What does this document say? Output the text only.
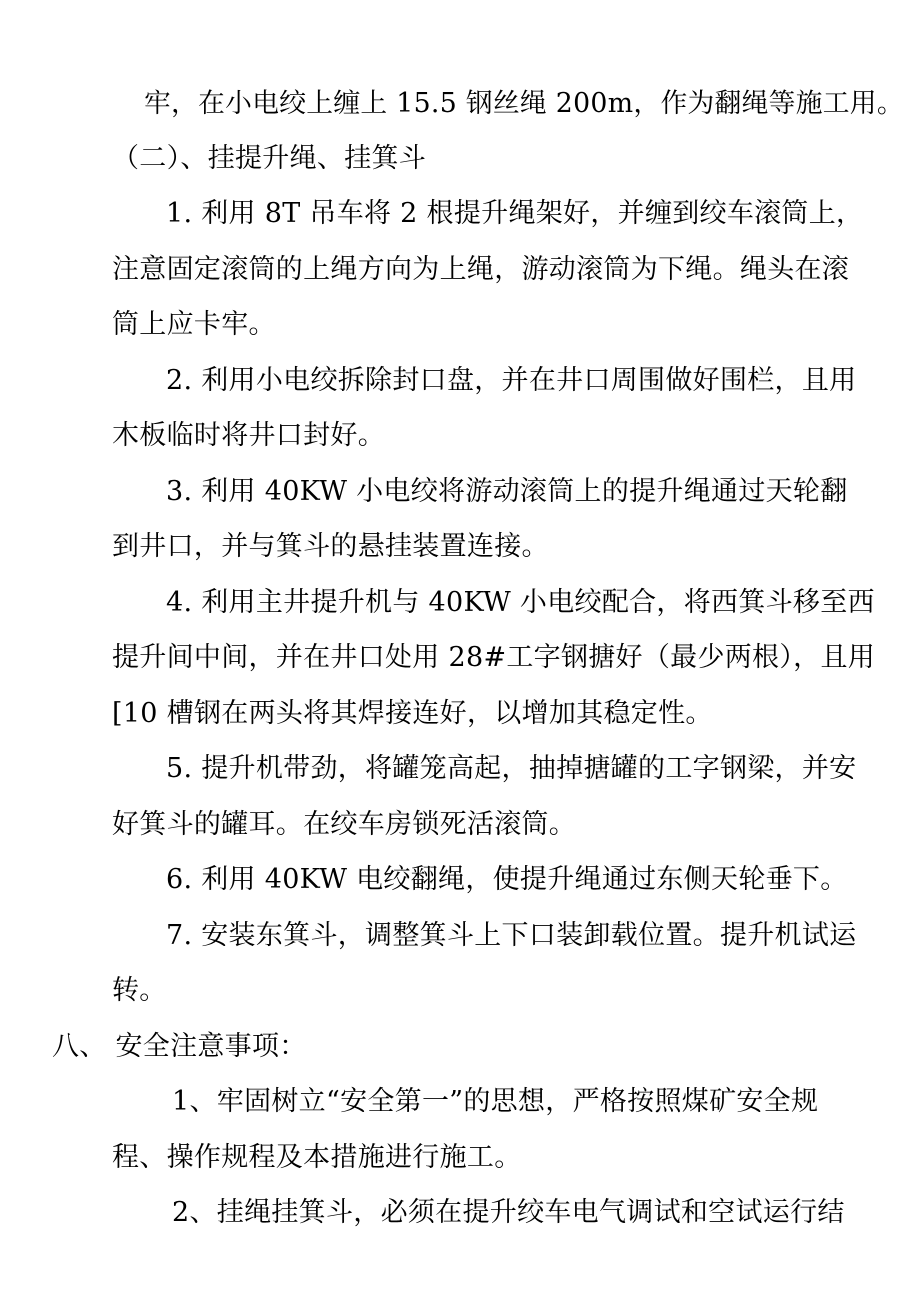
牢，在小电绞上缠上 15.5 钢丝绳 200m，作为翻绳等施工用。
（二）、挂提升绳、挂箕斗
1. 利用 8T 吊车将 2 根提升绳架好，并缠到绞车滚筒上，
注意固定滚筒的上绳方向为上绳，游动滚筒为下绳。绳头在滚
筒上应卡牢。
2. 利用小电绞拆除封口盘，并在井口周围做好围栏，且用
木板临时将井口封好。
3. 利用 40KW 小电绞将游动滚筒上的提升绳通过天轮翻
到井口，并与箕斗的悬挂装置连接。
4. 利用主井提升机与 40KW 小电绞配合，将西箕斗移至西
提升间中间，并在井口处用 28#工字钢搪好（最少两根），且用
[10 槽钢在两头将其焊接连好，以增加其稳定性。
5. 提升机带劲，将罐笼高起，抽掉搪罐的工字钢梁，并安
好箕斗的罐耳。在绞车房锁死活滚筒。
6. 利用 40KW 电绞翻绳，使提升绳通过东侧天轮垂下。
7. 安装东箕斗，调整箕斗上下口装卸载位置。提升机试运
转。
八、 安全注意事项：
1、牢固树立“安全第一”的思想，严格按照煤矿安全规
程、操作规程及本措施进行施工。
2、挂绳挂箕斗，必须在提升绞车电气调试和空试运行结
